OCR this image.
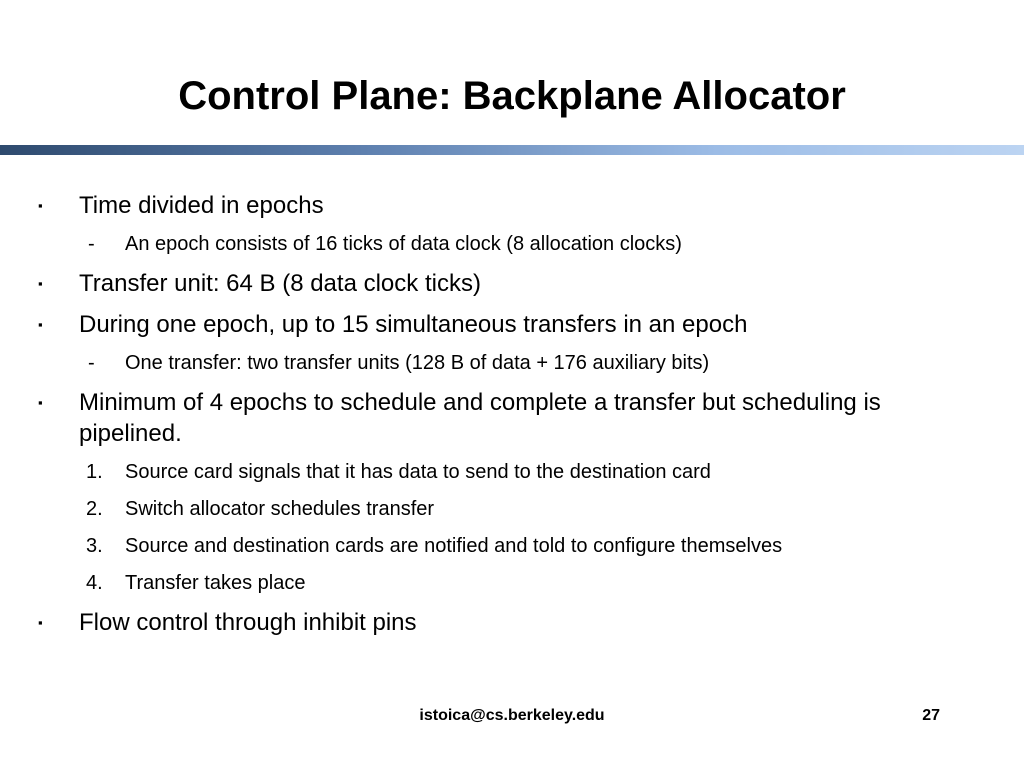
Control Plane: Backplane Allocator
▪	Time divided in epochs
-	An epoch consists of 16 ticks of data clock (8 allocation clocks)
▪	Transfer unit: 64 B (8 data clock ticks)
▪	During one epoch, up to 15 simultaneous transfers in an epoch
-	One transfer: two transfer units (128 B of data + 176 auxiliary bits)
▪	Minimum of 4 epochs to schedule and complete a transfer but scheduling is pipelined.
1.	Source card signals that it has data to send to the destination card
2.	Switch allocator schedules transfer
3.	Source and destination cards are notified and told to configure themselves
4.	Transfer takes place
▪	Flow control through inhibit pins
istoica@cs.berkeley.edu	27
